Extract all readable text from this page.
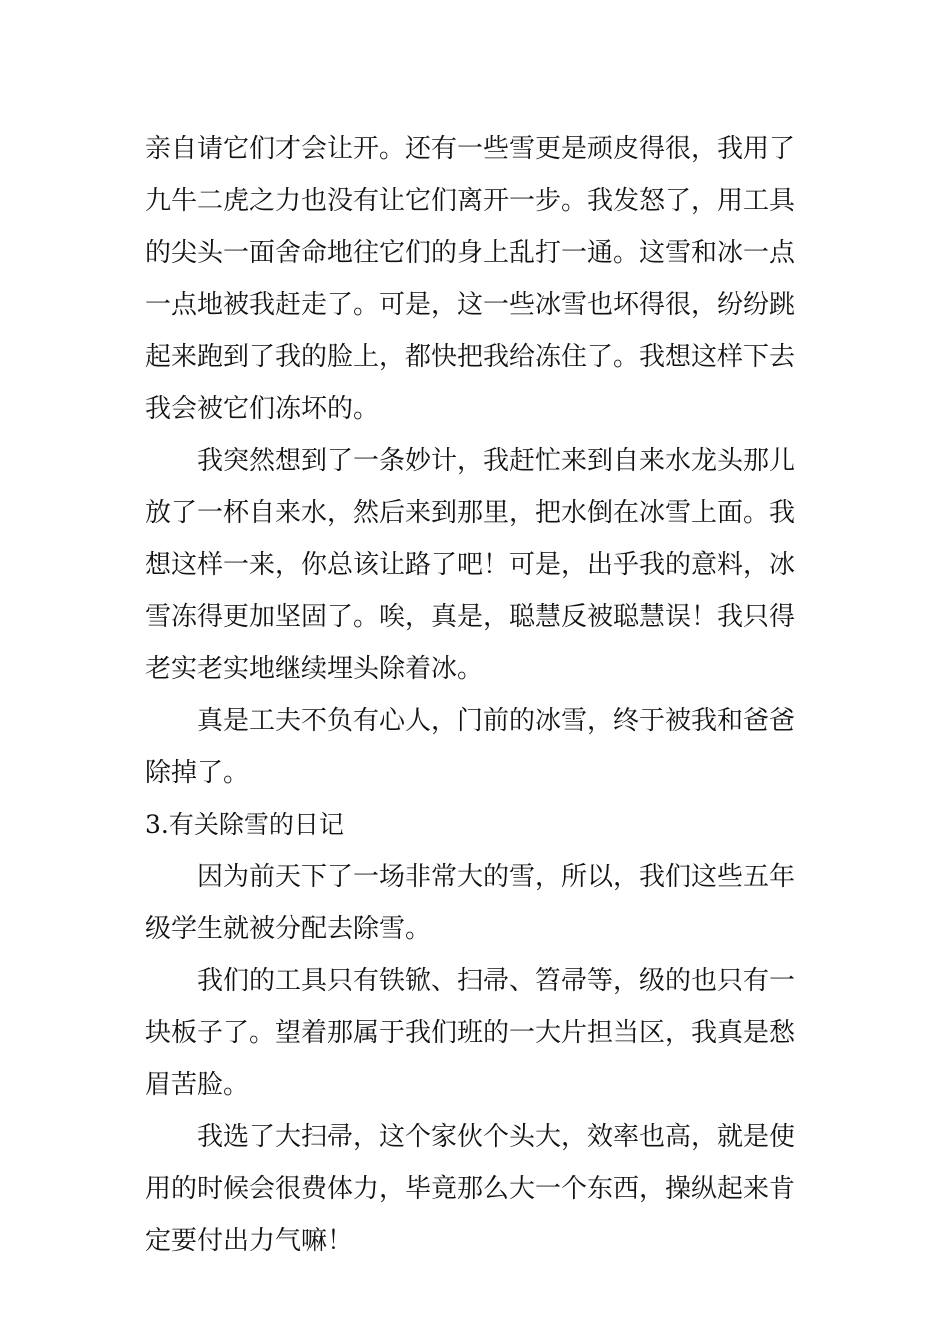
亲自请它们才会让开。还有一些雪更是顽皮得很，我用了
九牛二虎之力也没有让它们离开一步。我发怒了，用工具
的尖头一面舍命地往它们的身上乱打一通。这雪和冰一点
一点地被我赶走了。可是，这一些冰雪也坏得很，纷纷跳
起来跑到了我的脸上，都快把我给冻住了。我想这样下去
我会被它们冻坏的。
我突然想到了一条妙计，我赶忙来到自来水龙头那儿
放了一杯自来水，然后来到那里，把水倒在冰雪上面。我
想这样一来，你总该让路了吧！可是，出乎我的意料，冰
雪冻得更加坚固了。唉，真是，聪慧反被聪慧误！我只得
老实老实地继续埋头除着冰。
真是工夫不负有心人，门前的冰雪，终于被我和爸爸
除掉了。
3.有关除雪的日记
因为前天下了一场非常大的雪，所以，我们这些五年
级学生就被分配去除雪。
我们的工具只有铁锨、扫帚、笤帚等，级的也只有一
块板子了。望着那属于我们班的一大片担当区，我真是愁
眉苦脸。
我选了大扫帚，这个家伙个头大，效率也高，就是使
用的时候会很费体力，毕竟那么大一个东西，操纵起来肯
定要付出力气嘛！
